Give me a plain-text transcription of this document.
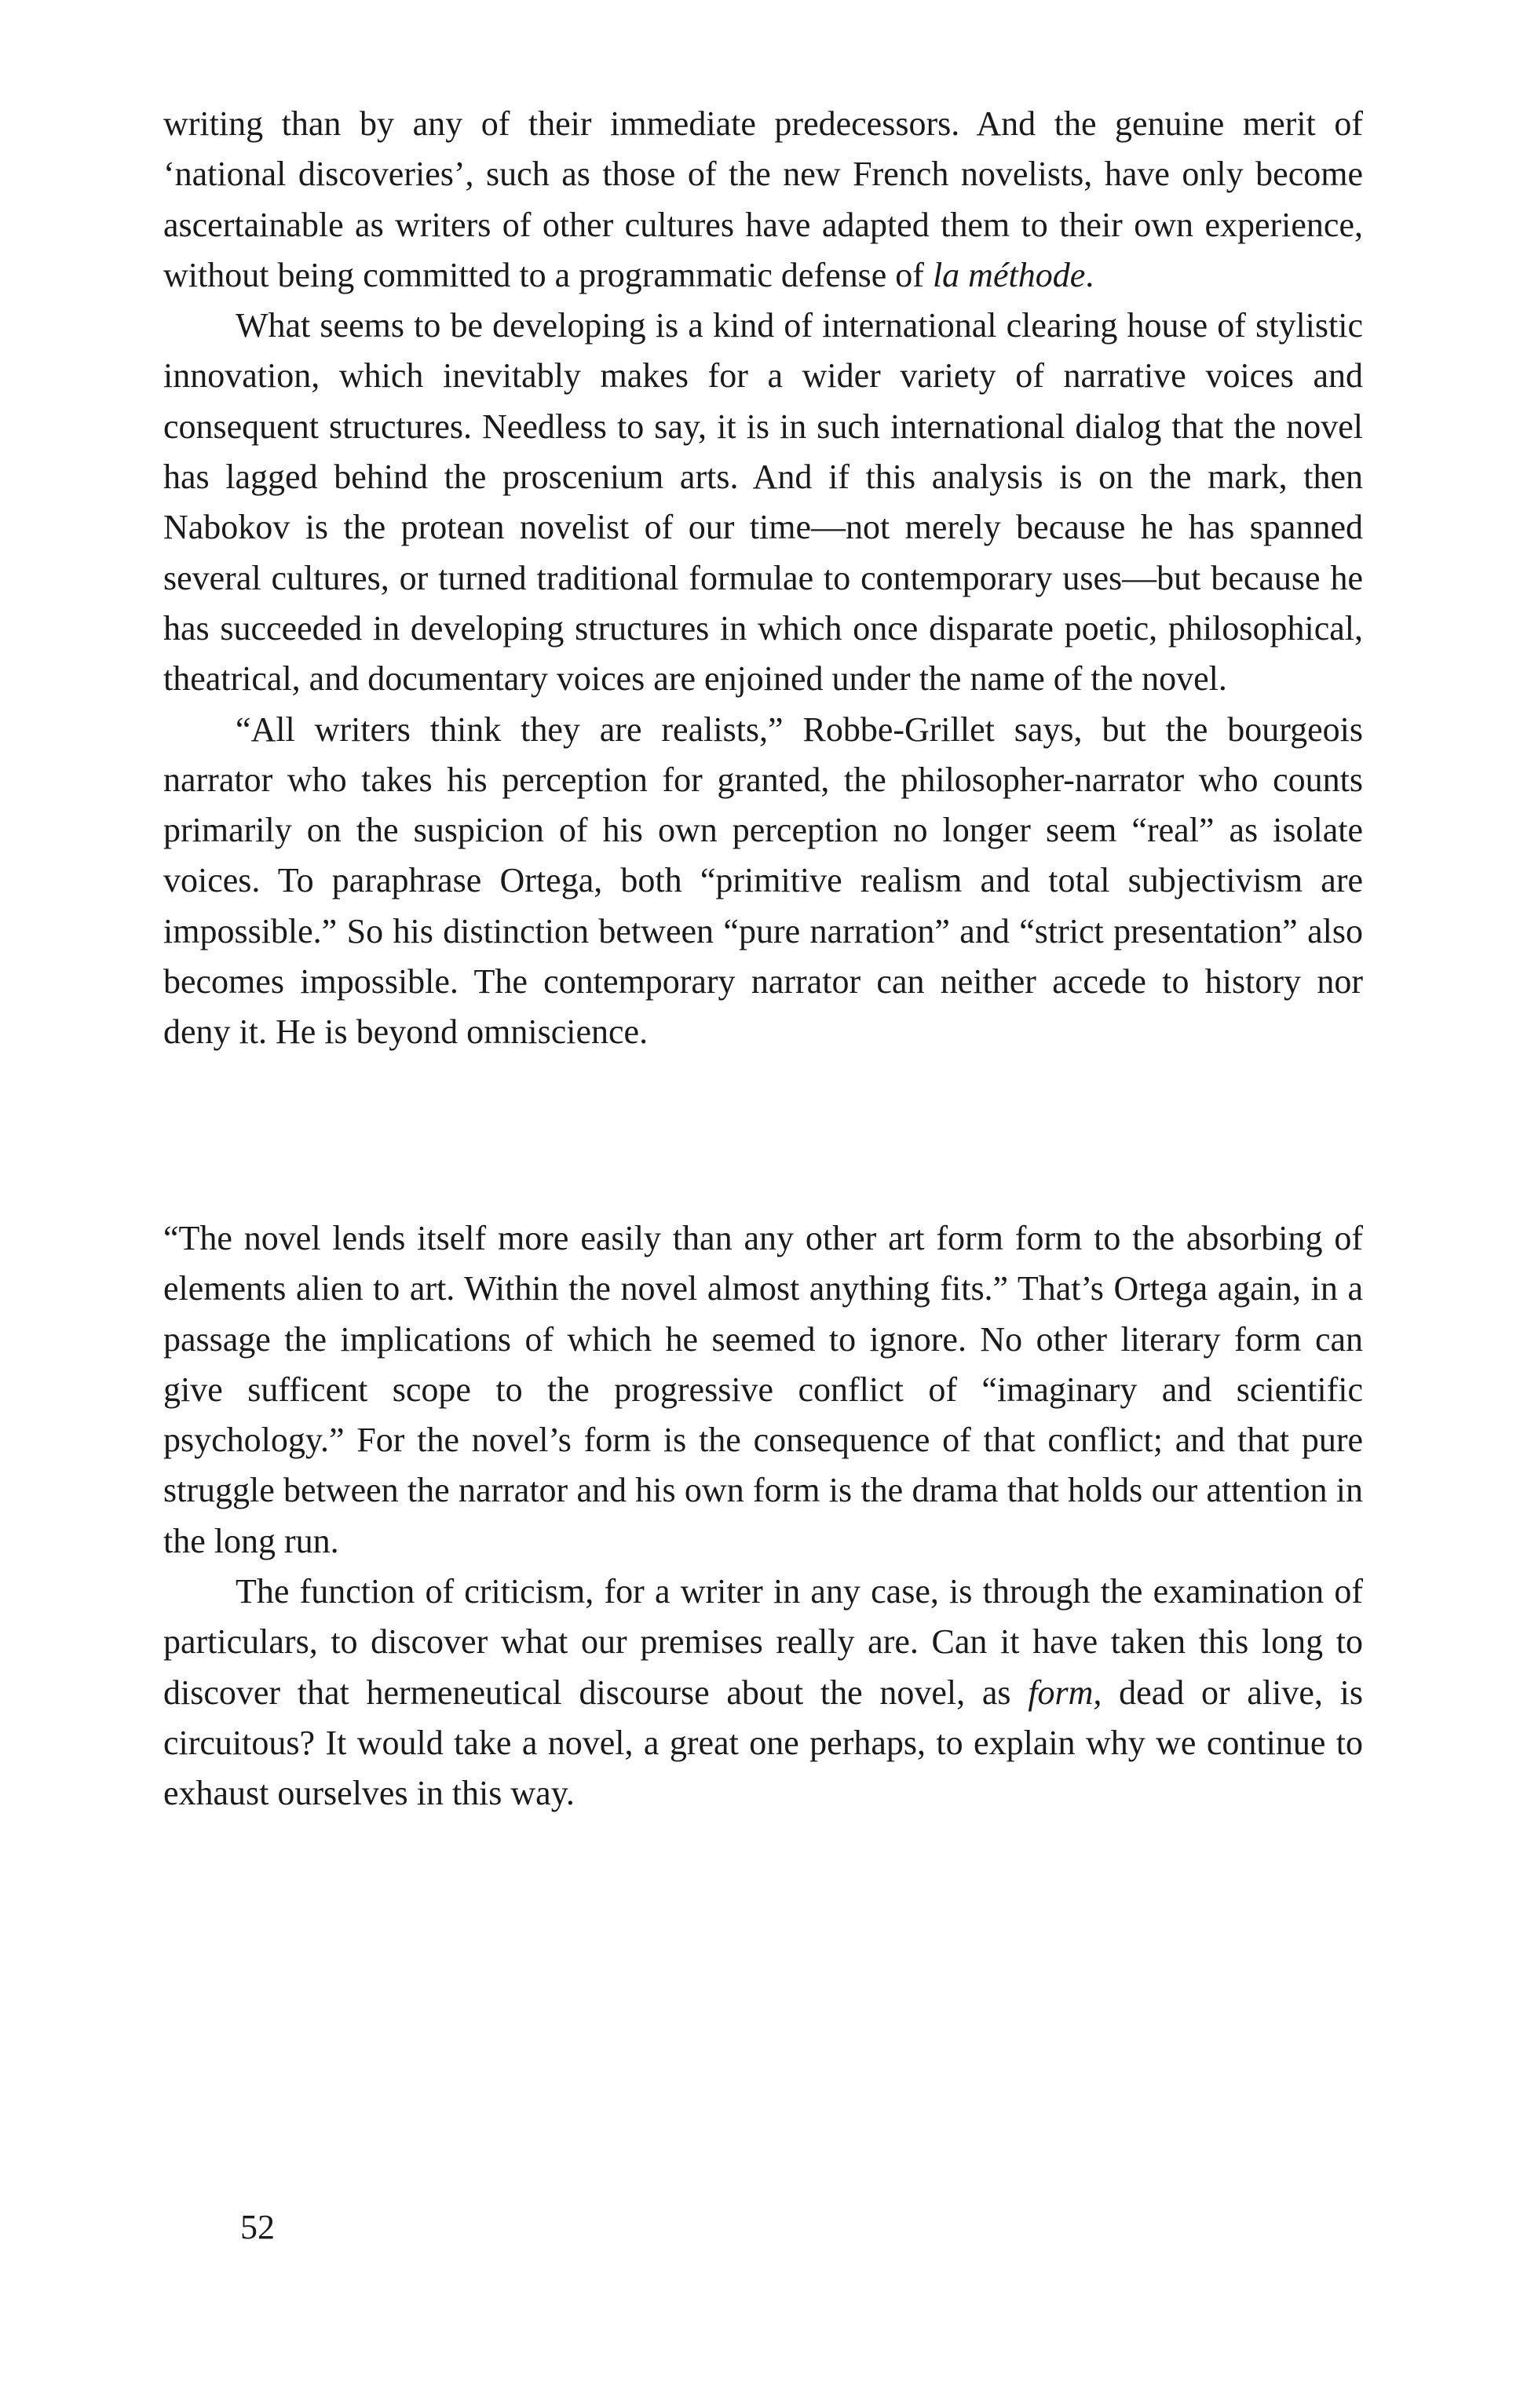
writing than by any of their immediate predecessors. And the genuine merit of ‘national discoveries’, such as those of the new French novelists, have only become ascertainable as writers of other cultures have adapted them to their own experience, without being committed to a programmatic defense of la méthode.

What seems to be developing is a kind of international clearing house of stylistic innovation, which inevitably makes for a wider variety of narrative voices and consequent structures. Needless to say, it is in such international dialog that the novel has lagged behind the proscenium arts. And if this analysis is on the mark, then Nabokov is the protean novelist of our time—not merely because he has spanned several cultures, or turned traditional formulae to contemporary uses—but because he has succeeded in developing structures in which once disparate poetic, philosophical, theatrical, and documentary voices are enjoined under the name of the novel.

“All writers think they are realists,” Robbe-Grillet says, but the bourgeois narrator who takes his perception for granted, the philosopher-narrator who counts primarily on the suspicion of his own perception no longer seem “real” as isolate voices. To paraphrase Ortega, both “primitive realism and total subjectivism are impossible.” So his distinction between “pure narration” and “strict presentation” also becomes impossible. The contemporary narrator can neither accede to history nor deny it. He is beyond omniscience.

“The novel lends itself more easily than any other art form form to the absorbing of elements alien to art. Within the novel almost anything fits.” That’s Ortega again, in a passage the implications of which he seemed to ignore. No other literary form can give sufficent scope to the progressive conflict of “imaginary and scientific psychology.” For the novel’s form is the consequence of that conflict; and that pure struggle between the narrator and his own form is the drama that holds our attention in the long run.

The function of criticism, for a writer in any case, is through the examination of particulars, to discover what our premises really are. Can it have taken this long to discover that hermeneutical discourse about the novel, as form, dead or alive, is circuitous? It would take a novel, a great one perhaps, to explain why we continue to exhaust ourselves in this way.

52
